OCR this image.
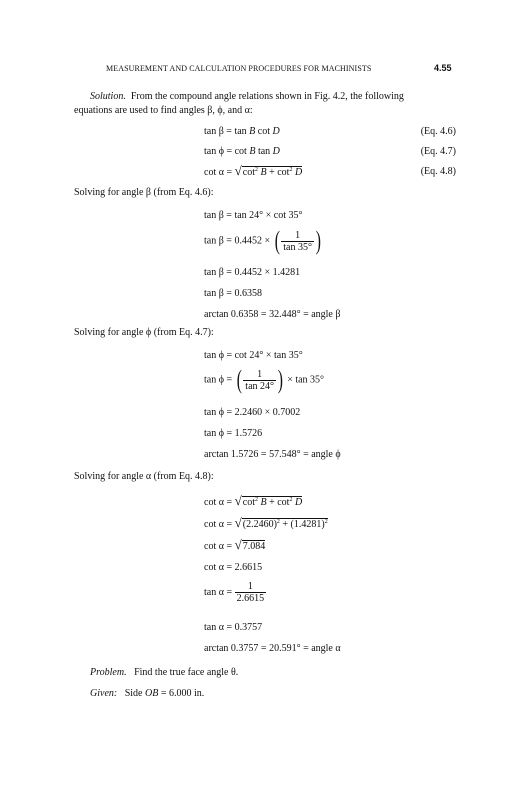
MEASUREMENT AND CALCULATION PROCEDURES FOR MACHINISTS	4.55
Solution. From the compound angle relations shown in Fig. 4.2, the following
equations are used to find angles β, ϕ, and α:
tan β = tan B cot D	(Eq. 4.6)
tan ϕ = cot B tan D	(Eq. 4.7)
$\cot \alpha = √\cot^2$ $B + \cot^2 D$	(Eq. 4.8)
Solving for angle β (from Eq. 4.6):
tan β = tan 24° × cot 35°
tan β = 0.4452 × ( $\frac{1}{\tan 35^\circ}$ )
tan β = 0.4452 × 1.4281
tan β = 0.6358
arctan 0.6358 = 32.448° = angle β
Solving for angle ϕ (from Eq. 4.7):
tan ϕ = cot 24° × tan 35°
tan ϕ = ( $\frac{1}{\tan 24^\circ}$ ) × tan 35°
tan ϕ = 2.2460 × 0.7002
tan ϕ = 1.5726
arctan 1.5726 = 57.548° = angle ϕ
Solving for angle α (from Eq. 4.8):
$\cot \alpha = √\cot^2$ $B + \cot^2 D$
$\cot \alpha = √(2.2460)^2 + (1.4281)^2$
cot α = √7.084
cot α = 2.6615
$\tan \alpha = \frac{1}{2.6615}$
tan α = 0.3757
arctan 0.3757 = 20.591° = angle α
Problem. Find the true face angle θ.
Given: Side OB = 6.000 in.
